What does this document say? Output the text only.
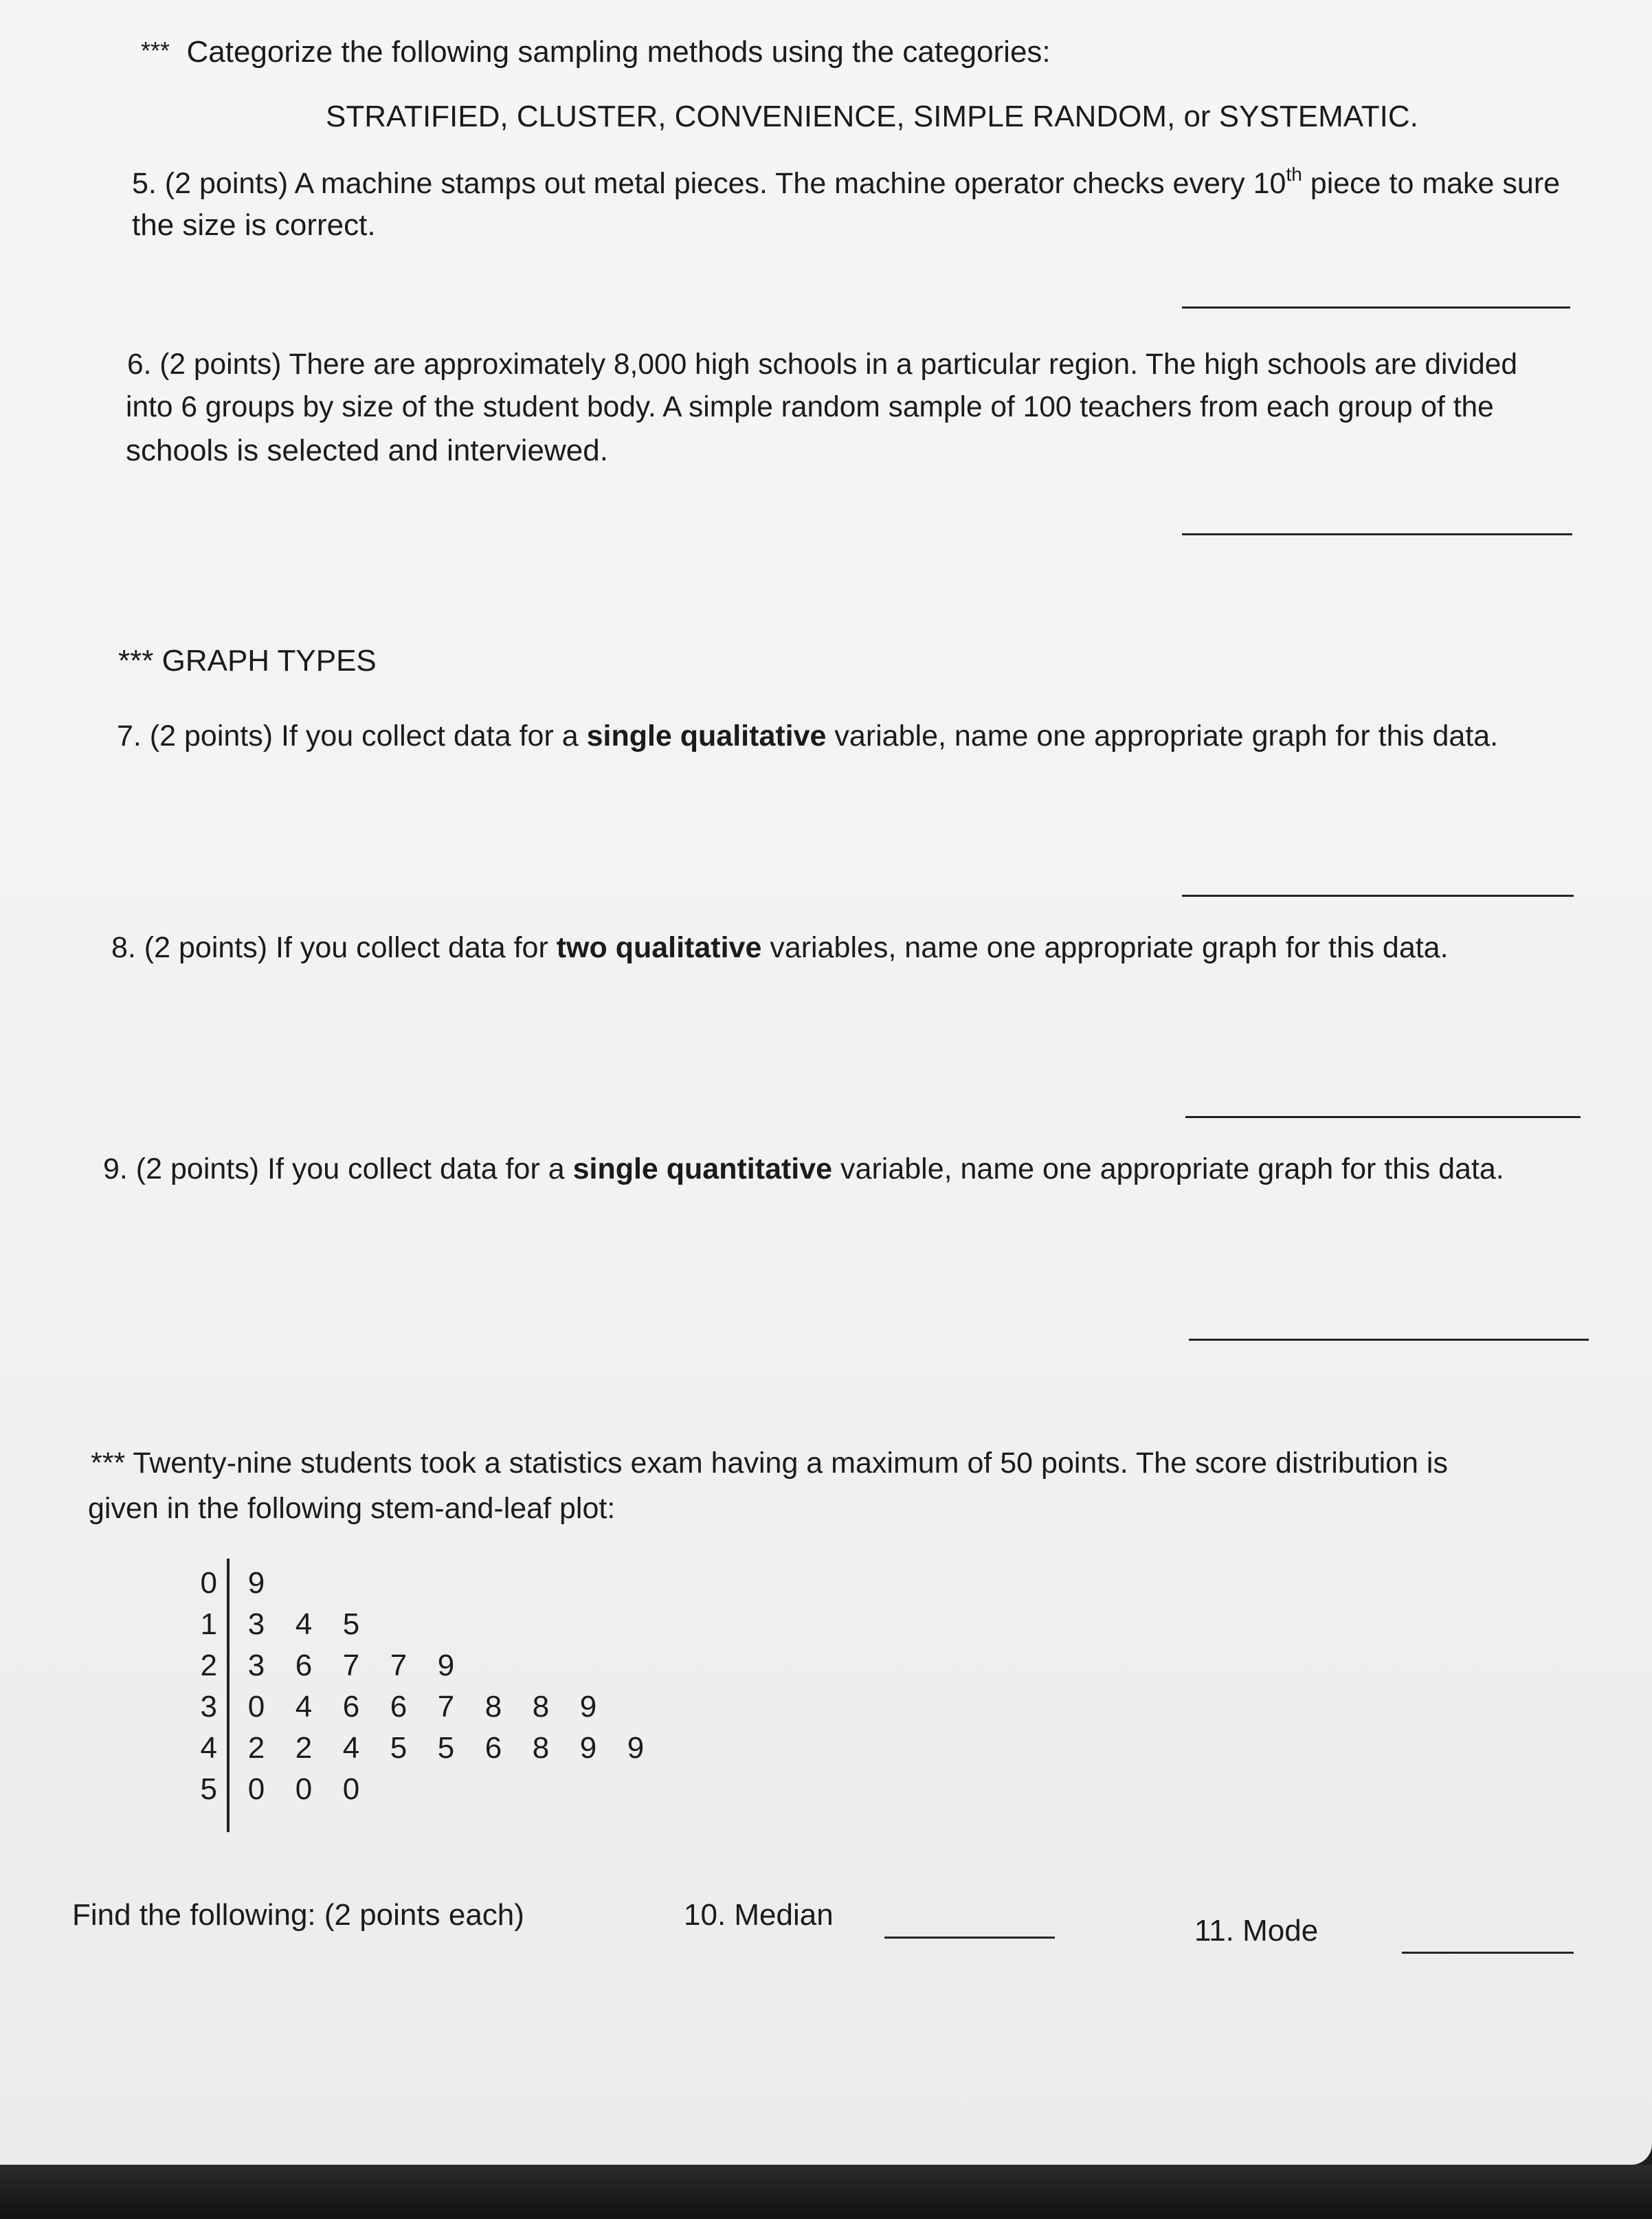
*** Categorize the following sampling methods using the categories:
STRATIFIED, CLUSTER, CONVENIENCE, SIMPLE RANDOM, or SYSTEMATIC.
5. (2 points) A machine stamps out metal pieces. The machine operator checks every 10th piece to make sure
the size is correct.
6. (2 points) There are approximately 8,000 high schools in a particular region. The high schools are divided
into 6 groups by size of the student body. A simple random sample of 100 teachers from each group of the
schools is selected and interviewed.
*** GRAPH TYPES
7. (2 points) If you collect data for a single qualitative variable, name one appropriate graph for this data.
8. (2 points) If you collect data for two qualitative variables, name one appropriate graph for this data.
9. (2 points) If you collect data for a single quantitative variable, name one appropriate graph for this data.
*** Twenty-nine students took a statistics exam having a maximum of 50 points. The score distribution is
given in the following stem-and-leaf plot:
0	9
1	3	4	5
2	3	6	7	7	9
3	0	4	6	6	7	8	8	9
4	2	2	4	5	5	6	8	9	9
5	0	0	0
Find the following: (2 points each)	10. Median	11. Mode
